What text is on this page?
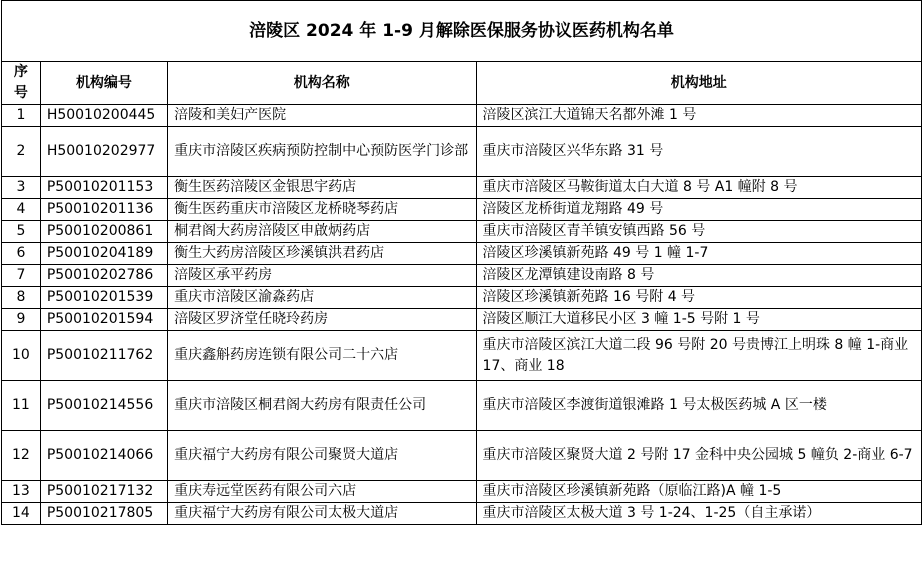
涪陵区 2024 年 1-9 月解除医保服务协议医药机构名单			
序号	机构编号	机构名称	机构地址
1	H50010200445	涪陵和美妇产医院	涪陵区滨江大道锦天名都外滩 1 号
2	H50010202977	重庆市涪陵区疾病预防控制中心预防医学门诊部	重庆市涪陵区兴华东路 31 号
3	P50010201153	衡生医药涪陵区金银思宇药店	重庆市涪陵区马鞍街道太白大道 8 号 A1 幢附 8 号
4	P50010201136	衡生医药重庆市涪陵区龙桥晓琴药店	涪陵区龙桥街道龙翔路 49 号
5	P50010200861	桐君阁大药房涪陵区申啟炳药店	重庆市涪陵区青羊镇安镇西路 56 号
6	P50010204189	衡生大药房涪陵区珍溪镇洪君药店	涪陵区珍溪镇新苑路 49 号 1 幢 1-7
7	P50010202786	涪陵区承平药房	涪陵区龙潭镇建设南路 8 号
8	P50010201539	重庆市涪陵区渝淼药店	涪陵区珍溪镇新苑路 16 号附 4 号
9	P50010201594	涪陵区罗济堂任晓玲药房	涪陵区顺江大道移民小区 3 幢 1-5 号附 1 号
10	P50010211762	重庆鑫斛药房连锁有限公司二十六店	重庆市涪陵区滨江大道二段 96 号附 20 号贵博江上明珠 8 幢 1-商业 17、商业 18
11	P50010214556	重庆市涪陵区桐君阁大药房有限责任公司	重庆市涪陵区李渡街道银滩路 1 号太极医药城 A 区一楼
12	P50010214066	重庆福宁大药房有限公司聚贤大道店	重庆市涪陵区聚贤大道 2 号附 17 金科中央公园城 5 幢负 2-商业 6-7
13	P50010217132	重庆寿远堂医药有限公司六店	重庆市涪陵区珍溪镇新苑路（原临江路)A 幢 1-5
14	P50010217805	重庆福宁大药房有限公司太极大道店	重庆市涪陵区太极大道 3 号 1-24、1-25（自主承诺）
